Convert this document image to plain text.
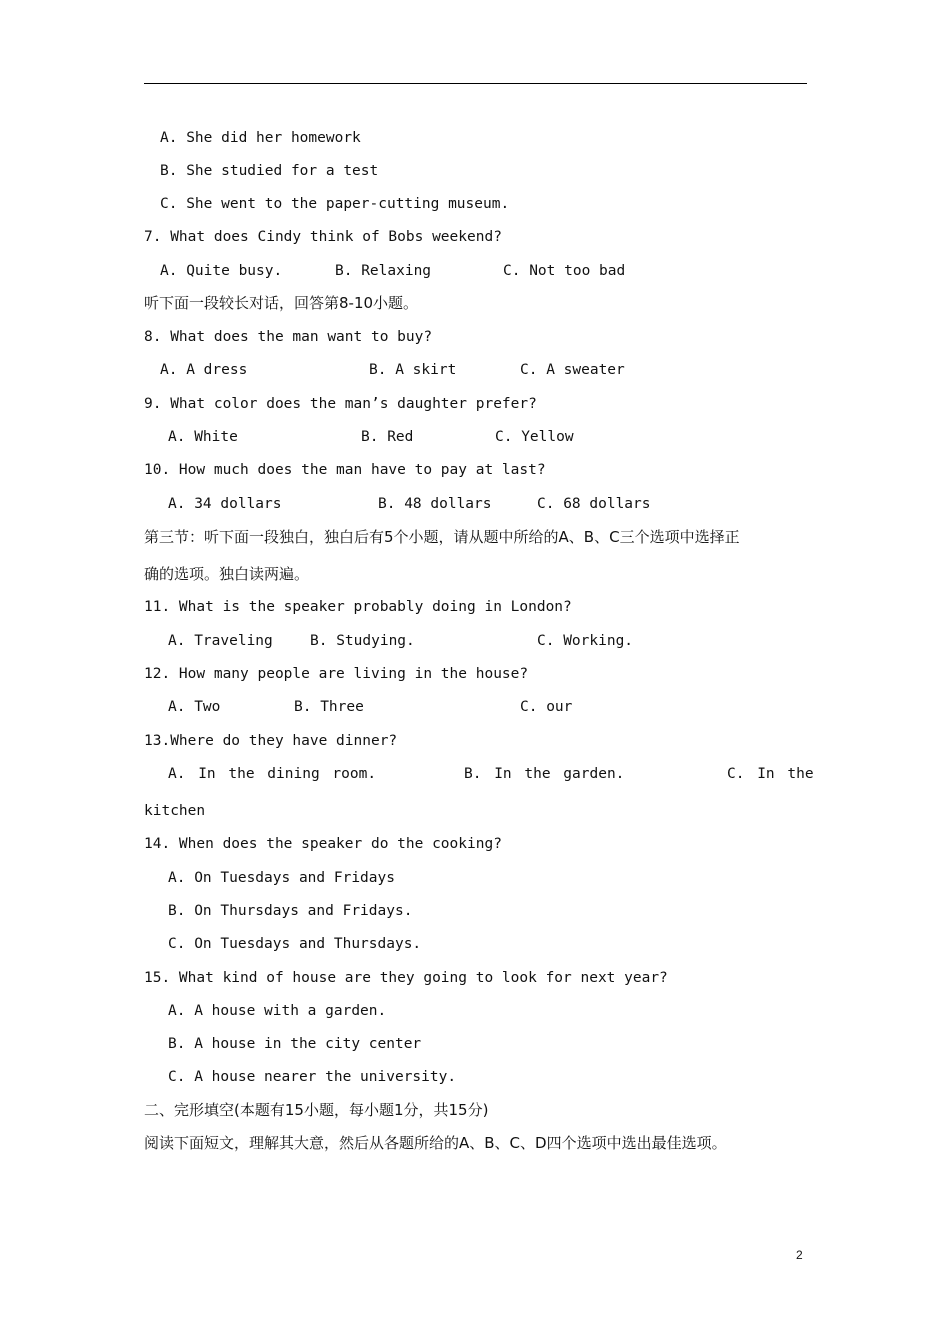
A. She did her homework
B. She studied for a test
C. She went to the paper-cutting museum.
7. What does Cindy think of Bobs weekend?
A. Quite busy.	B. Relaxing	C. Not too bad
听下面一段较长对话，回答第8-10小题。
8. What does the man want to buy?
A. A dress	B. A skirt	C. A sweater
9. What color does the man’s daughter prefer?
A. White	B. Red	C. Yellow
10. How much does the man have to pay at last?
A. 34 dollars	B. 48 dollars	C. 68 dollars
第三节：听下面一段独白，独白后有5个小题，请从题中所给的A、B、C三个选项中选择正
确的选项。独白读两遍。
11. What is the speaker probably doing in London?
A. Traveling	B. Studying.	C. Working.
12. How many people are living in the house?
A. Two	B. Three	C. our
13.Where do they have dinner?
A. In the dining room.	B. In the garden.	C. In the
kitchen
14. When does the speaker do the cooking?
A. On Tuesdays and Fridays
B. On Thursdays and Fridays.
C. On Tuesdays and Thursdays.
15. What kind of house are they going to look for next year?
A. A house with a garden.
B. A house in the city center
C. A house nearer the university.
二、完形填空(本题有15小题，每小题1分，共15分)
阅读下面短文，理解其大意，然后从各题所给的A、B、C、D四个选项中选出最佳选项。
2
